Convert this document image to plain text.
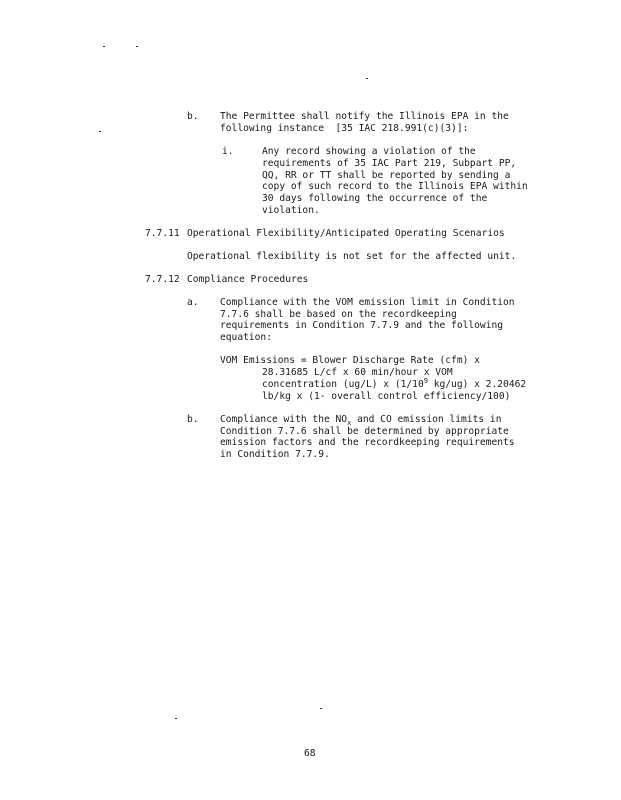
b. The Permittee shall notify the Illinois EPA in the
following instance  [35 IAC 218.991(c)(3)]:
i.	Any record showing a violation of the
requirements of 35 IAC Part 219, Subpart PP,
QQ, RR or TT shall be reported by sending a
copy of such record to the Illinois EPA within
30 days following the occurrence of the
violation.
7.7.11 Operational Flexibility/Anticipated Operating Scenarios
Operational flexibility is not set for the affected unit.
7.7.12 Compliance Procedures
a. Compliance with the VOM emission limit in Condition
7.7.6 shall be based on the recordkeeping
requirements in Condition 7.7.9 and the following
equation:
VOM Emissions = Blower Discharge Rate (cfm) x
28.31685 L/cf x 60 min/hour x VOM
concentration (ug/L) x ($1/10^9$ kg/ug) x 2.20462
lb/kg x (1- overall control efficiency/100)
b. Compliance with the $NO_x$ and CO emission limits in
Condition 7.7.6 shall be determined by appropriate
emission factors and the recordkeeping requirements
in Condition 7.7.9.
68
